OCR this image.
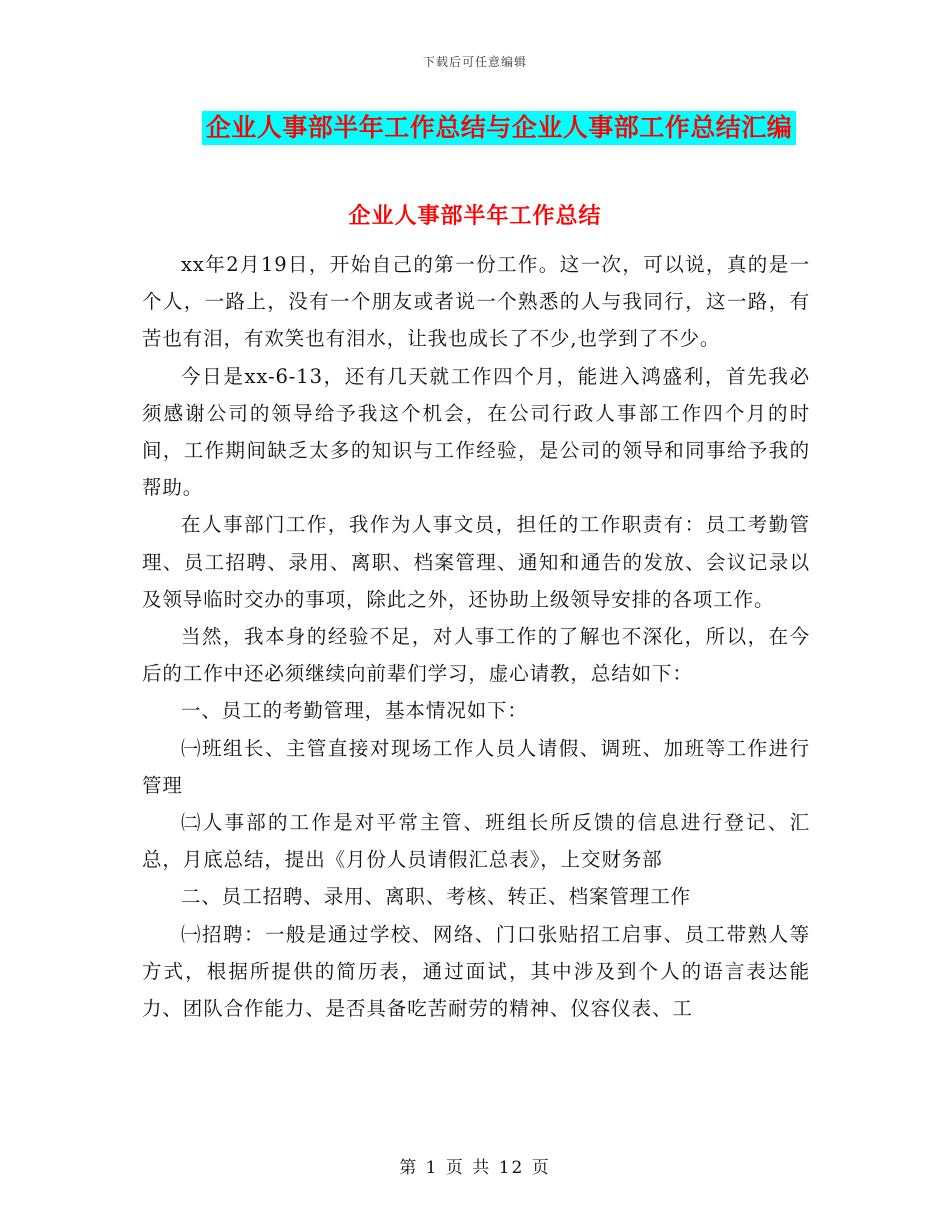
下载后可任意编辑
企业人事部半年工作总结与企业人事部工作总结汇编
企业人事部半年工作总结

xx年2月19日，开始自己的第一份工作。这一次，可以说，真的是一个人，一路上，没有一个朋友或者说一个熟悉的人与我同行，这一路，有苦也有泪，有欢笑也有泪水，让我也成长了不少,也学到了不少。

今日是xx-6-13，还有几天就工作四个月，能进入鸿盛利，首先我必须感谢公司的领导给予我这个机会，在公司行政人事部工作四个月的时间，工作期间缺乏太多的知识与工作经验，是公司的领导和同事给予我的帮助。

在人事部门工作，我作为人事文员，担任的工作职责有：员工考勤管理、员工招聘、录用、离职、档案管理、通知和通告的发放、会议记录以及领导临时交办的事项，除此之外，还协助上级领导安排的各项工作。

当然，我本身的经验不足，对人事工作的了解也不深化，所以，在今后的工作中还必须继续向前辈们学习，虚心请教，总结如下：

一、员工的考勤管理，基本情况如下：

㈠班组长、主管直接对现场工作人员人请假、调班、加班等工作进行管理

㈡人事部的工作是对平常主管、班组长所反馈的信息进行登记、汇总，月底总结，提出《月份人员请假汇总表》，上交财务部

二、员工招聘、录用、离职、考核、转正、档案管理工作

㈠招聘：一般是通过学校、网络、门口张贴招工启事、员工带熟人等方式，根据所提供的简历表，通过面试，其中涉及到个人的语言表达能力、团队合作能力、是否具备吃苦耐劳的精神、仪容仪表、工

第 1 页 共 12 页
